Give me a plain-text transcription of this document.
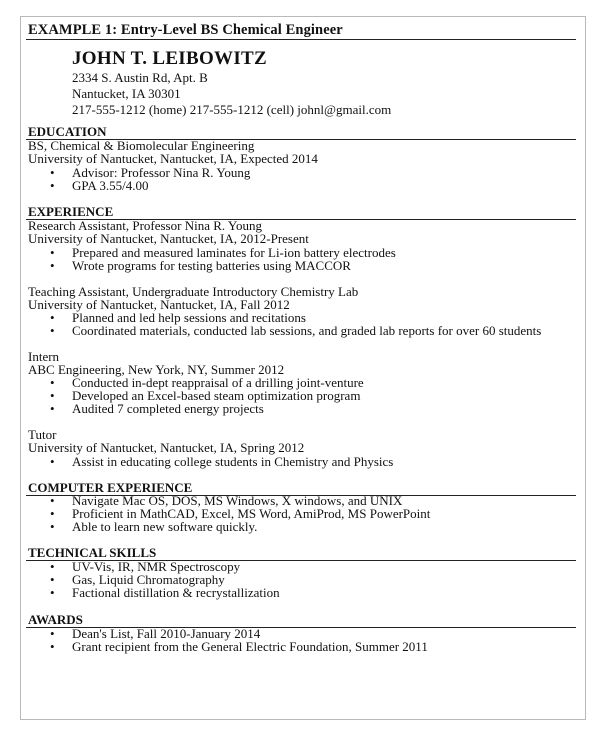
EXAMPLE 1: Entry-Level BS Chemical Engineer
JOHN T. LEIBOWITZ
2334 S. Austin Rd, Apt. B
Nantucket, IA 30301
217-555-1212 (home) 217-555-1212 (cell) johnl@gmail.com
EDUCATION
BS, Chemical & Biomolecular Engineering
University of Nantucket, Nantucket, IA, Expected 2014
• Advisor: Professor Nina R. Young
• GPA 3.55/4.00
EXPERIENCE
Research Assistant, Professor Nina R. Young
University of Nantucket, Nantucket, IA, 2012-Present
• Prepared and measured laminates for Li-ion battery electrodes
• Wrote programs for testing batteries using MACCOR
Teaching Assistant, Undergraduate Introductory Chemistry Lab
University of Nantucket, Nantucket, IA, Fall 2012
• Planned and led help sessions and recitations
• Coordinated materials, conducted lab sessions, and graded lab reports for over 60 students
Intern
ABC Engineering, New York, NY, Summer 2012
• Conducted in-dept reappraisal of a drilling joint-venture
• Developed an Excel-based steam optimization program
• Audited 7 completed energy projects
Tutor
University of Nantucket, Nantucket, IA, Spring 2012
• Assist in educating college students in Chemistry and Physics
COMPUTER EXPERIENCE
• Navigate Mac OS, DOS, MS Windows, X windows, and UNIX
• Proficient in MathCAD, Excel, MS Word, AmiProd, MS PowerPoint
• Able to learn new software quickly.
TECHNICAL SKILLS
• UV-Vis, IR, NMR Spectroscopy
• Gas, Liquid Chromatography
• Factional distillation & recrystallization
AWARDS
• Dean's List, Fall 2010-January 2014
• Grant recipient from the General Electric Foundation, Summer 2011
